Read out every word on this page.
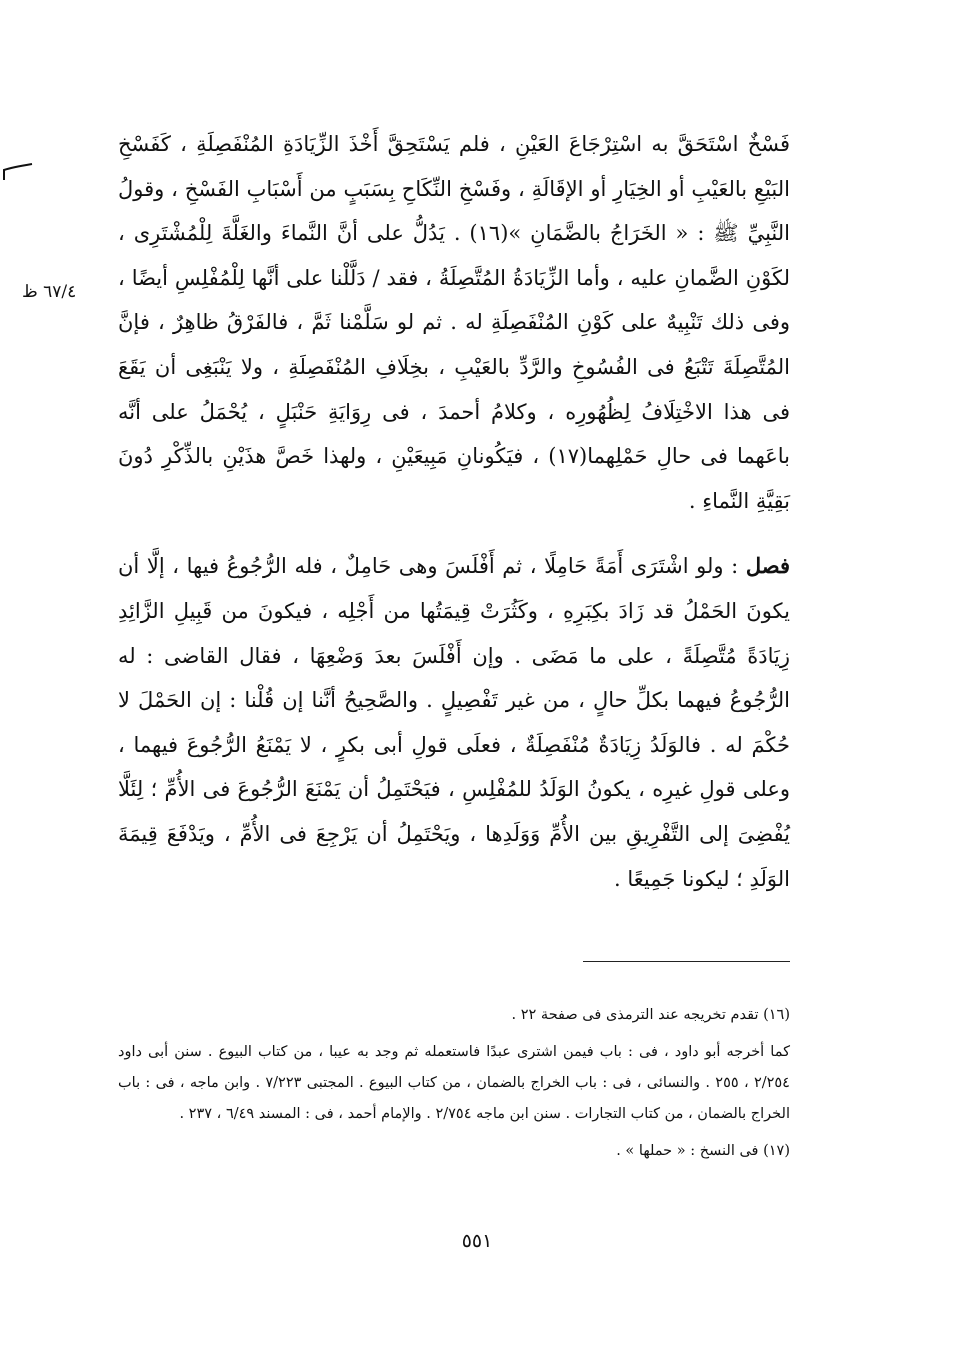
٦٧/٤ ظ

فَسْخٌ اسْتَحَقَّ به اسْتِرْجَاعَ العَيْنِ ، فلم يَسْتَحِقَّ أَخْذَ الزِّيَادَةِ المُنْفَصِلَةِ ، كَفَسْخِ البَيْعِ بالعَيْبِ أو الخِيَارِ أو الإقَالَةِ ، وفَسْخِ النِّكَاحِ بِسَبَبٍ من أَسْبَابِ الفَسْخِ ، وقولُ النَّبِيِّ ﷺ : « الخَرَاجُ بالضَّمَانِ »(١٦) . يَدُلُّ على أنَّ النَّماءَ والغَلَّةَ لِلْمُشْتَرِى ، لكَوْنِ الضَّمانِ عليه ، وأما الزِّيَادَةُ المُتَّصِلَةُ ، فقد / دَلَّلْنا على أنَّها لِلْمُفْلِسِ أيضًا ، وفى ذلك تَنْبِيهٌ على كَوْنِ المُنْفَصِلَةِ له . ثم لو سَلَّمْنا ثَمَّ ، فالفَرْقُ ظاهِرٌ ، فإنَّ المُتَّصِلَةَ تَتْبَعُ فى الفُسُوخِ والرَّدِّ بالعَيْبِ ، بخِلَافِ المُنْفَصِلَةِ ، ولا يَنْبَغِى أن يَقَعَ فى هذا الاخْتِلَافُ لِظُهُورِه ، وكلامُ أحمدَ ، فى رِوَايَةِ حَنْبَلٍ ، يُحْمَلُ على أنَّه باعَهما فى حالِ حَمْلِهما(١٧) ، فيَكُونانِ مَبِيعَيْنِ ، ولهذا خَصَّ هذَيْنِ بالذِّكْرِ دُونَ بَقِيَّةِ النَّماءِ .

فصل : ولو اشْتَرَى أَمَةً حَامِلًا ، ثم أَفْلَسَ وهى حَامِلٌ ، فله الرُّجُوعُ فيها ، إلَّا أن يكونَ الحَمْلُ قد زَادَ بكِبَرِهِ ، وكَثُرَتْ قِيمَتُها من أَجْلِه ، فيكونَ من قَبِيلِ الزَّائِدِ زِيَادَةً مُتَّصِلَةً ، على ما مَضَى . وإن أَفْلَسَ بعدَ وَضْعِهَا ، فقال القاضى : له الرُّجُوعُ فيهما بكلِّ حالٍ ، من غير تَفْصِيلٍ . والصَّحِيحُ أنَّنا إن قُلْنا : إن الحَمْلَ لا حُكْمَ له . فالوَلَدُ زِيَادَةٌ مُنْفَصِلَةٌ ، فعلَى قولِ أبى بكرٍ ، لا يَمْنَعُ الرُّجُوعَ فيهما ، وعلى قولِ غيرِه ، يكونُ الوَلَدُ للمُفْلِسِ ، فيَحْتَمِلُ أن يَمْنَعَ الرُّجُوعَ فى الأُمِّ ؛ لِئَلَّا يُفْضِىَ إلى التَّفْرِيقِ بين الأُمِّ وَوَلَدِها ، ويَحْتَمِلُ أن يَرْجِعَ فى الأُمِّ ، ويَدْفَعَ قِيمَةَ الوَلَدِ ؛ ليكونا جَمِيعًا .

(١٦) تقدم تخريجه عند الترمذى فى صفحة ٢٢ .

كما أخرجه أبو داود ، فى : باب فيمن اشترى عبدًا فاستعمله ثم وجد به عيبا ، من كتاب البيوع . سنن أبى داود ٢/٢٥٤ ، ٢٥٥ . والنسائى ، فى : باب الخراج بالضمان ، من كتاب البيوع . المجتبى ٧/٢٢٣ . وابن ماجه ، فى : باب الخراج بالضمان ، من كتاب التجارات . سنن ابن ماجه ٢/٧٥٤ . والإمام أحمد ، فى : المسند ٦/٤٩ ، ٢٣٧ .

(١٧) فى النسخ : « حملها » .

٥٥١
